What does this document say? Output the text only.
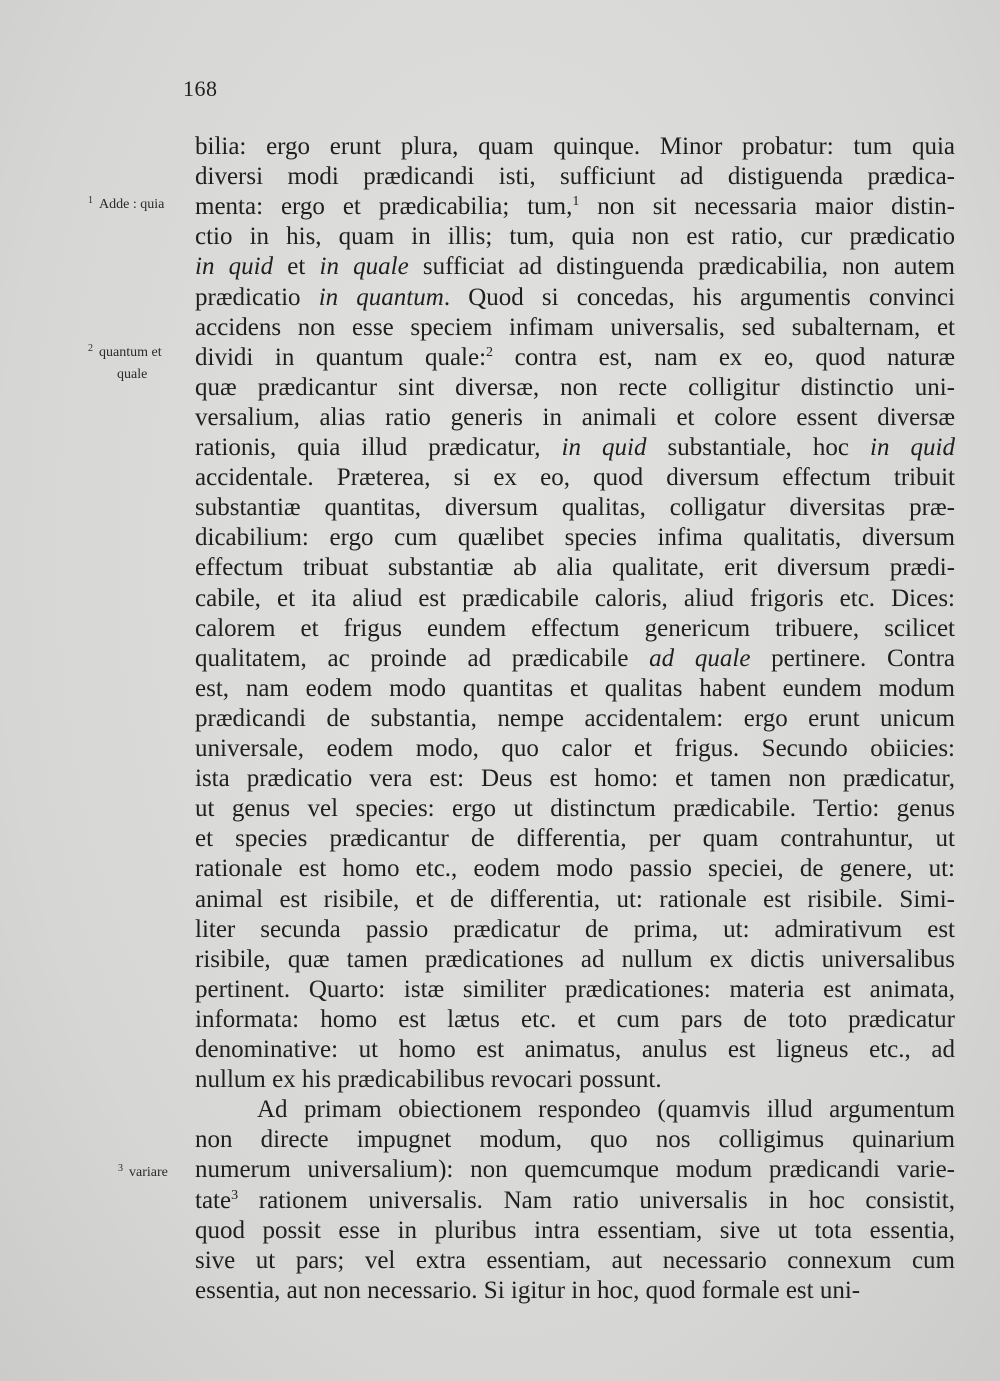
168
$^1$ Adde : quia
$^2$ quantum et
quale
$^3$ variare
bilia: ergo erunt plura, quam quinque. Minor probatur: tum quia
diversi modi prædicandi isti, sufficiunt ad distiguenda prædica-
menta: ergo et prædicabilia; tum,$^1$ non sit necessaria maior distin-
ctio in his, quam in illis; tum, quia non est ratio, cur prædicatio
in quid et in quale sufficiat ad distinguenda prædicabilia, non autem
prædicatio in quantum. Quod si concedas, his argumentis convinci
accidens non esse speciem infimam universalis, sed subalternam, et
dividi in quantum quale:$^2$ contra est, nam ex eo, quod naturæ
quæ prædicantur sint diversæ, non recte colligitur distinctio uni-
versalium, alias ratio generis in animali et colore essent diversæ
rationis, quia illud prædicatur, in quid substantiale, hoc in quid
accidentale. Præterea, si ex eo, quod diversum effectum tribuit
substantiæ quantitas, diversum qualitas, colligatur diversitas præ-
dicabilium: ergo cum quælibet species infima qualitatis, diversum
effectum tribuat substantiæ ab alia qualitate, erit diversum prædi-
cabile, et ita aliud est prædicabile caloris, aliud frigoris etc. Dices:
calorem et frigus eundem effectum genericum tribuere, scilicet
qualitatem, ac proinde ad prædicabile ad quale pertinere. Contra
est, nam eodem modo quantitas et qualitas habent eundem modum
prædicandi de substantia, nempe accidentalem: ergo erunt unicum
universale, eodem modo, quo calor et frigus. Secundo obiicies:
ista prædicatio vera est: Deus est homo: et tamen non prædicatur,
ut genus vel species: ergo ut distinctum prædicabile. Tertio: genus
et species prædicantur de differentia, per quam contrahuntur, ut
rationale est homo etc., eodem modo passio speciei, de genere, ut:
animal est risibile, et de differentia, ut: rationale est risibile. Simi-
liter secunda passio prædicatur de prima, ut: admirativum est
risibile, quæ tamen prædicationes ad nullum ex dictis universalibus
pertinent. Quarto: istæ similiter prædicationes: materia est animata,
informata: homo est lætus etc. et cum pars de toto prædicatur
denominative: ut homo est animatus, anulus est ligneus etc., ad
nullum ex his prædicabilibus revocari possunt.
Ad primam obiectionem respondeo (quamvis illud argumentum
non directe impugnet modum, quo nos colligimus quinarium
numerum universalium): non quemcumque modum prædicandi varie-
tate$^3$ rationem universalis. Nam ratio universalis in hoc consistit,
quod possit esse in pluribus intra essentiam, sive ut tota essentia,
sive ut pars; vel extra essentiam, aut necessario connexum cum
essentia, aut non necessario. Si igitur in hoc, quod formale est uni-
